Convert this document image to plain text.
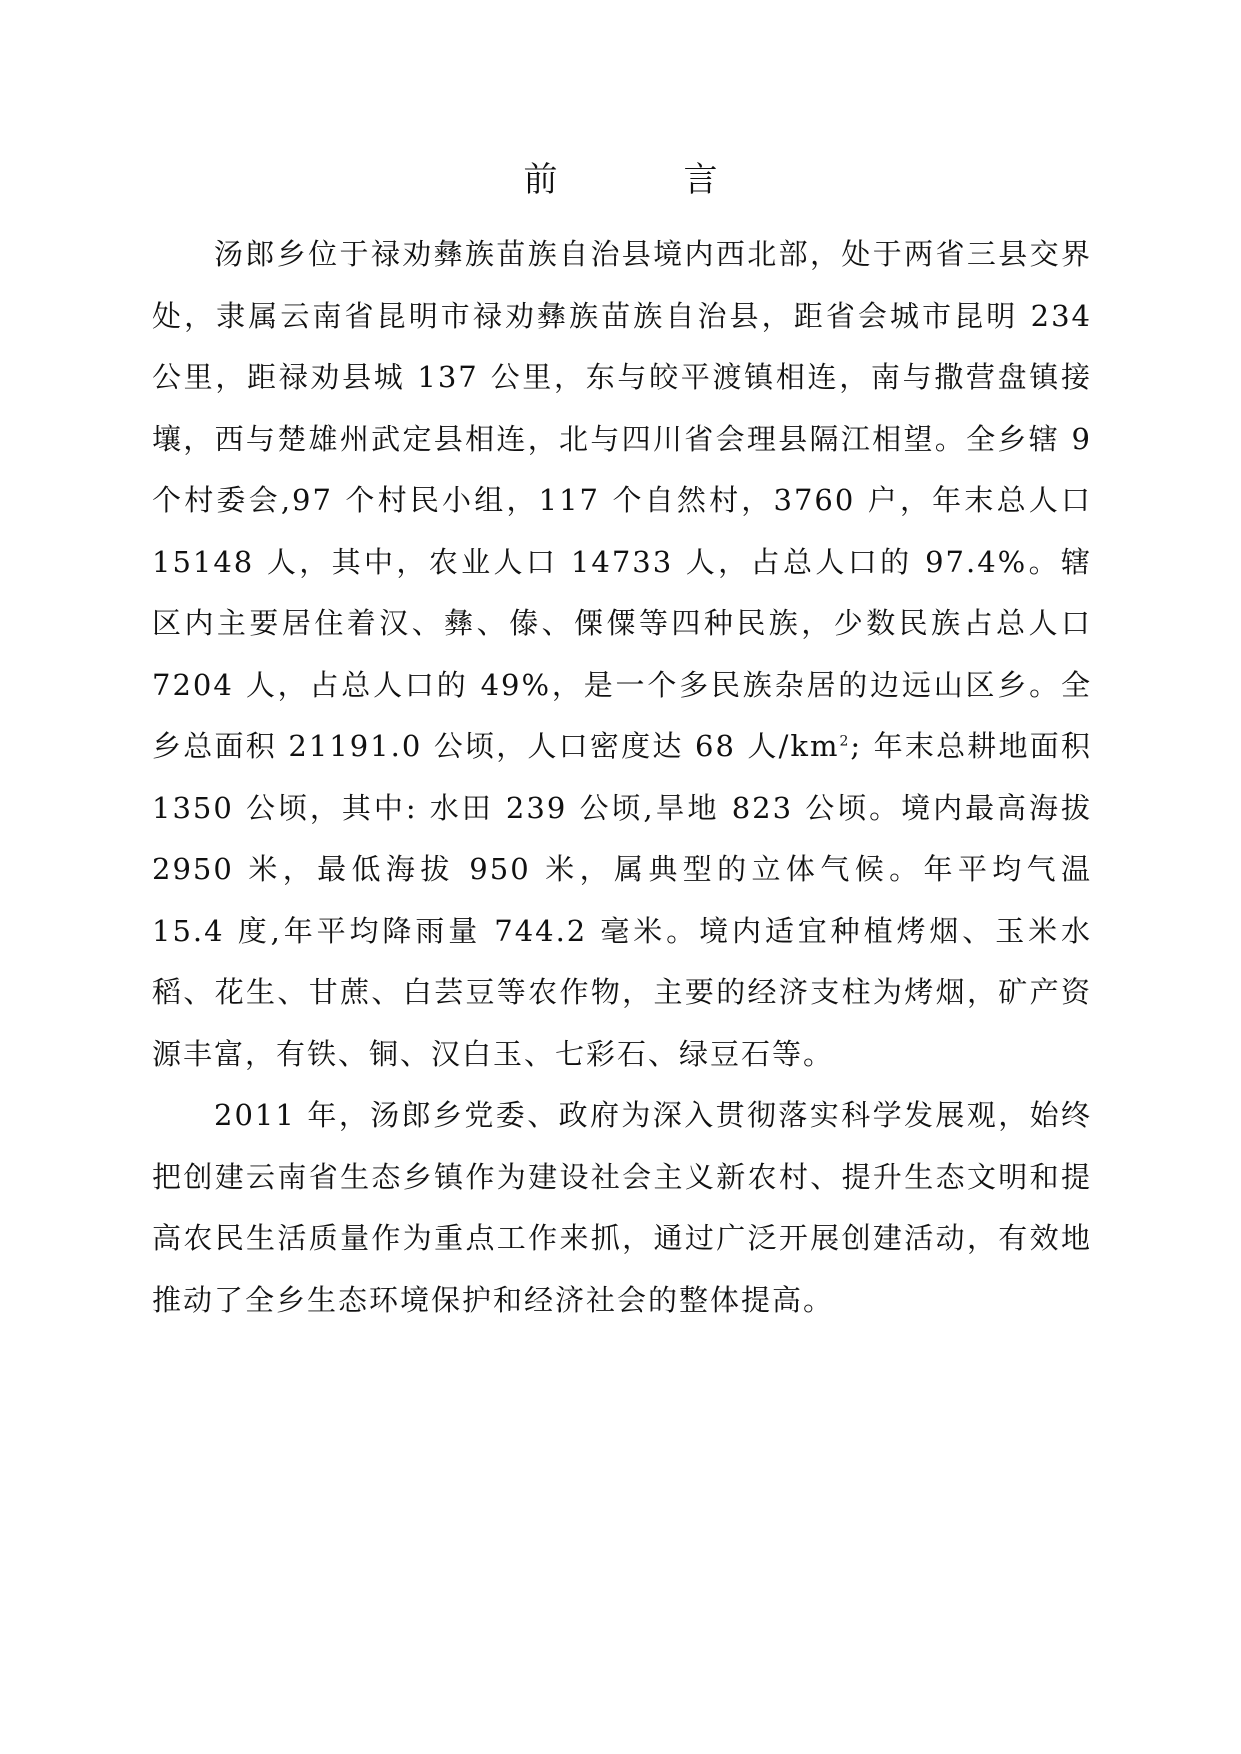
前　言

汤郎乡位于禄劝彝族苗族自治县境内西北部，处于两省三县交界处，隶属云南省昆明市禄劝彝族苗族自治县，距省会城市昆明 234 公里，距禄劝县城 137 公里，东与皎平渡镇相连，南与撒营盘镇接壤，西与楚雄州武定县相连，北与四川省会理县隔江相望。全乡辖 9 个村委会,97 个村民小组，117 个自然村，3760 户，年末总人口 15148 人，其中，农业人口 14733 人，占总人口的 97.4%。辖区内主要居住着汉、彝、傣、傈僳等四种民族，少数民族占总人口 7204 人，占总人口的 49%，是一个多民族杂居的边远山区乡。全乡总面积 21191.0 公顷，人口密度达 68 人$/km^2$; 年末总耕地面积 1350 公顷，其中: 水田 239 公顷,旱地 823 公顷。境内最高海拔 2950 米，最低海拔 950 米，属典型的立体气候。年平均气温 15.4 度,年平均降雨量 744.2 毫米。境内适宜种植烤烟、玉米水稻、花生、甘蔗、白芸豆等农作物，主要的经济支柱为烤烟，矿产资源丰富，有铁、铜、汉白玉、七彩石、绿豆石等。

2011 年，汤郎乡党委、政府为深入贯彻落实科学发展观，始终把创建云南省生态乡镇作为建设社会主义新农村、提升生态文明和提高农民生活质量作为重点工作来抓，通过广泛开展创建活动，有效地推动了全乡生态环境保护和经济社会的整体提高。
